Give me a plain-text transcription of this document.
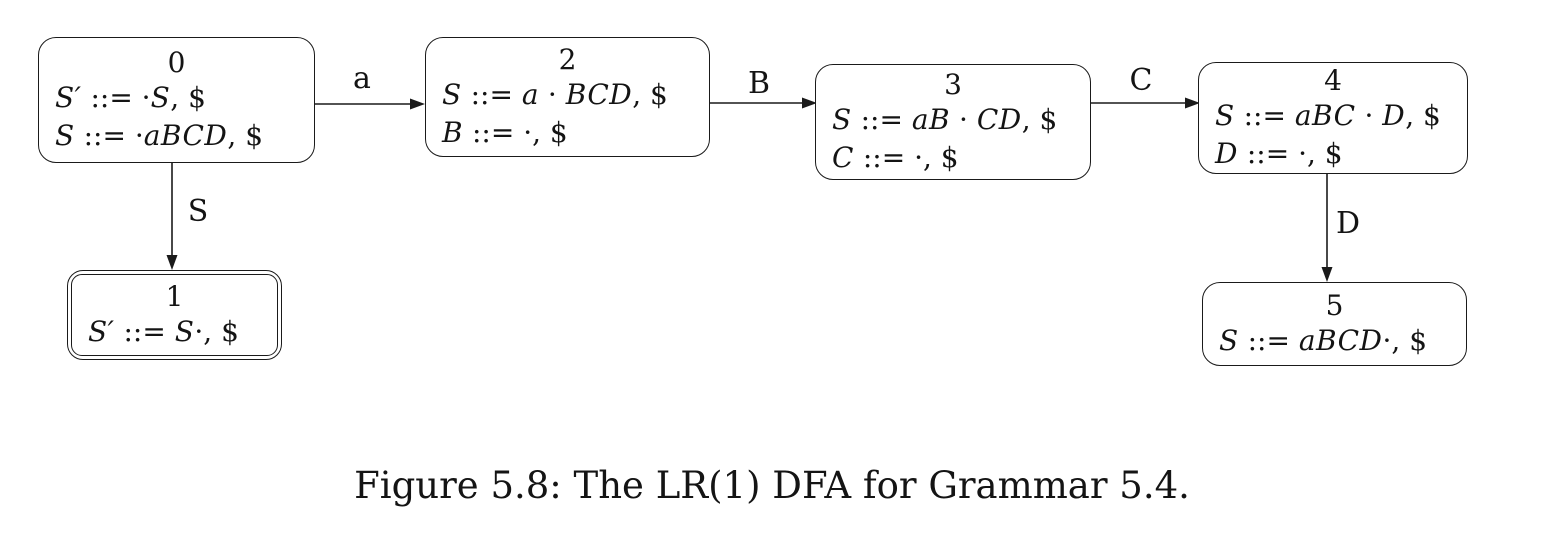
0
S′ ::= ·S, $
S ::= ·aBCD, $
2
S ::= a · BCD, $
B ::= ·, $
3
S ::= aB · CD, $
C ::= ·, $
4
S ::= aBC · D, $
D ::= ·, $
1
S′ ::= S·, $
5
S ::= aBCD·, $
a
S
B	C
D
Figure 5.8: The LR(1) DFA for Grammar 5.4.
